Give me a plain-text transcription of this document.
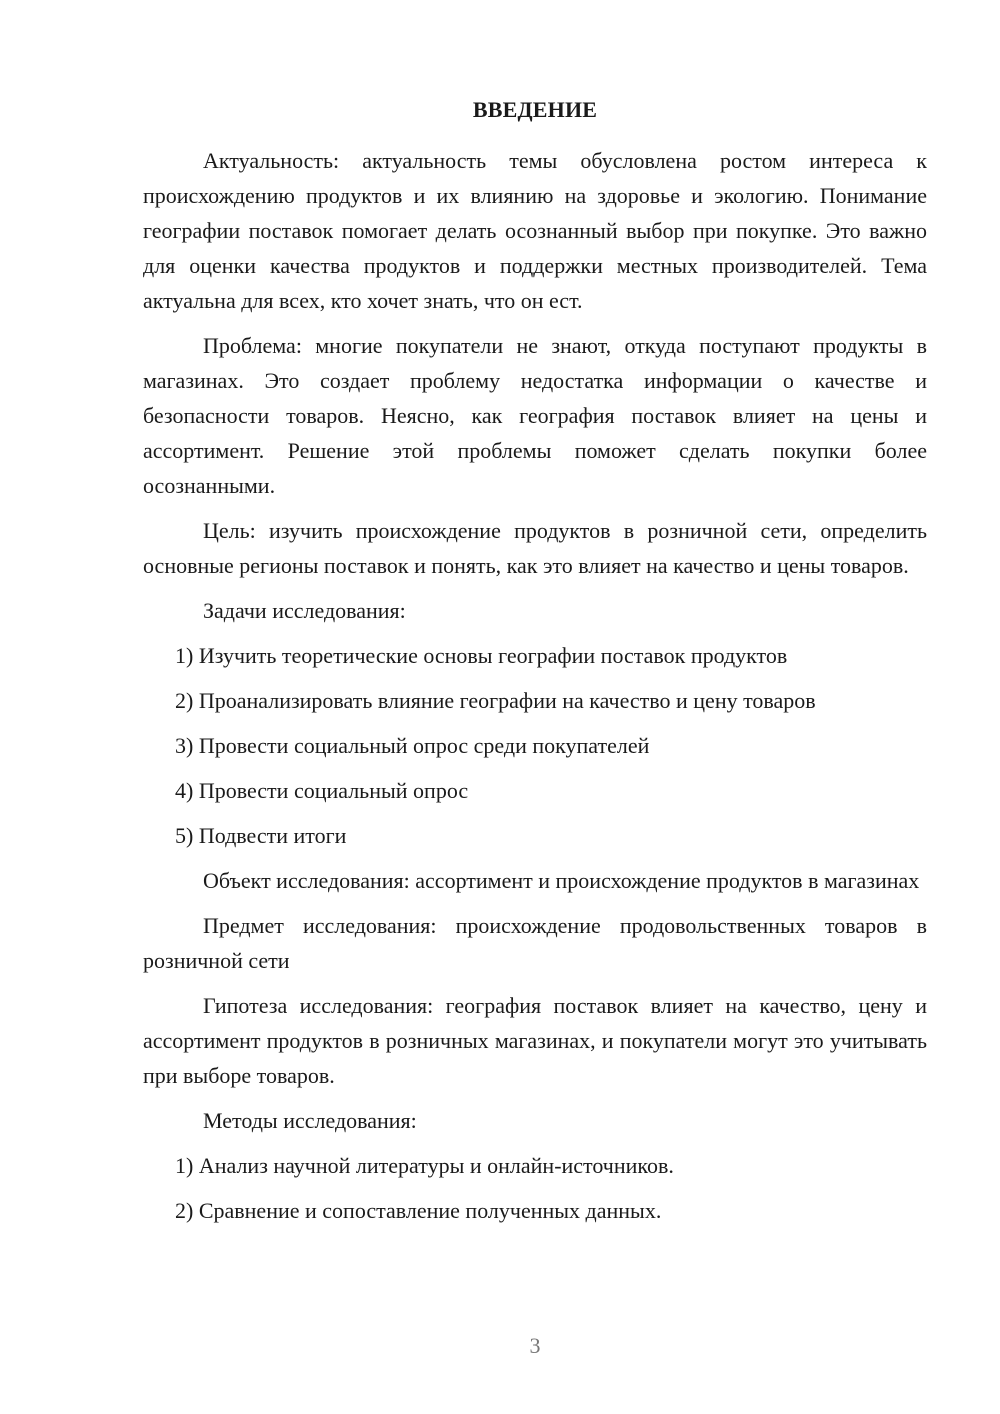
ВВЕДЕНИЕ

Актуальность: актуальность темы обусловлена ростом интереса к происхождению продуктов и их влиянию на здоровье и экологию. Понимание географии поставок помогает делать осознанный выбор при покупке. Это важно для оценки качества продуктов и поддержки местных производителей. Тема актуальна для всех, кто хочет знать, что он ест.

Проблема: многие покупатели не знают, откуда поступают продукты в магазинах. Это создает проблему недостатка информации о качестве и безопасности товаров. Неясно, как география поставок влияет на цены и ассортимент. Решение этой проблемы поможет сделать покупки более осознанными.

Цель: изучить происхождение продуктов в розничной сети, определить основные регионы поставок и понять, как это влияет на качество и цены товаров.

Задачи исследования:

1) Изучить теоретические основы географии поставок продуктов

2) Проанализировать влияние географии на качество и цену товаров

3) Провести социальный опрос среди покупателей

4) Провести социальный опрос

5) Подвести итоги

Объект исследования: ассортимент и происхождение продуктов в магазинах

Предмет исследования: происхождение продовольственных товаров в розничной сети

Гипотеза исследования: география поставок влияет на качество, цену и ассортимент продуктов в розничных магазинах, и покупатели могут это учитывать при выборе товаров.

Методы исследования:

1) Анализ научной литературы и онлайн-источников.

2) Сравнение и сопоставление полученных данных.

3
